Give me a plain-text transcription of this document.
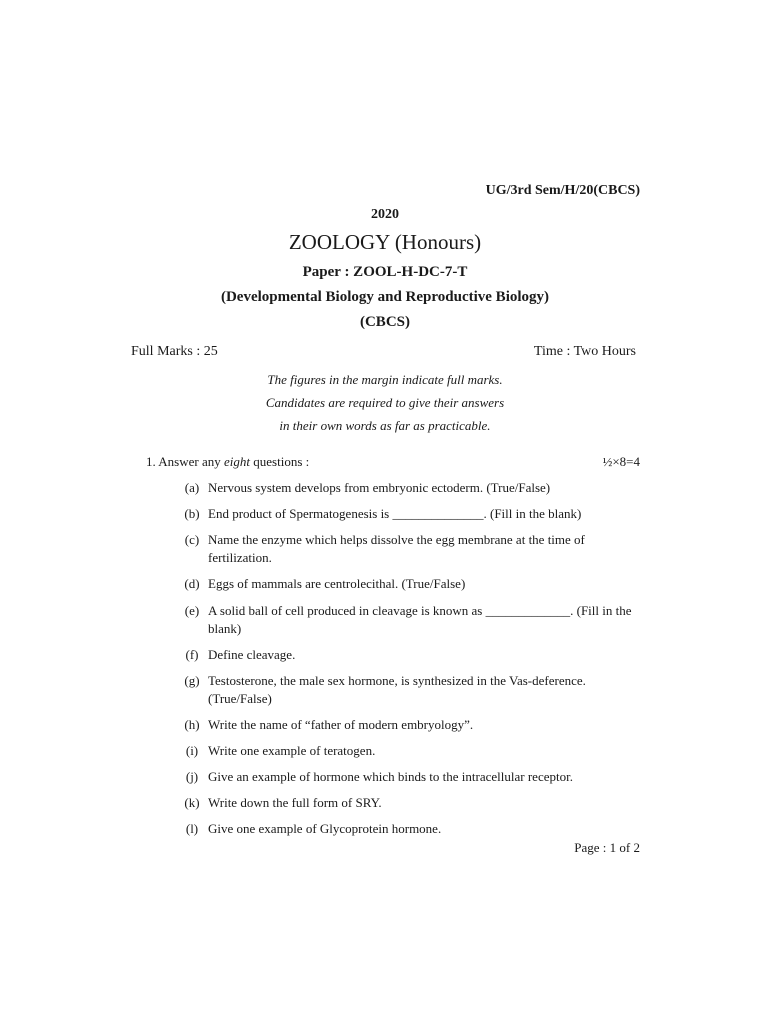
UG/3rd Sem/H/20(CBCS)
2020
ZOOLOGY (Honours)
Paper : ZOOL-H-DC-7-T
(Developmental Biology and Reproductive Biology)
(CBCS)
Full Marks : 25	Time : Two Hours
The figures in the margin indicate full marks.
Candidates are required to give their answers
in their own words as far as practicable.
1. Answer any eight questions :	½×8=4
(a) Nervous system develops from embryonic ectoderm. (True/False)
(b) End product of Spermatogenesis is ______________. (Fill in the blank)
(c) Name the enzyme which helps dissolve the egg membrane at the time of fertilization.
(d) Eggs of mammals are centrolecithal. (True/False)
(e) A solid ball of cell produced in cleavage is known as _____________. (Fill in the blank)
(f) Define cleavage.
(g) Testosterone, the male sex hormone, is synthesized in the Vas-deference. (True/False)
(h) Write the name of “father of modern embryology”.
(i) Write one example of teratogen.
(j) Give an example of hormone which binds to the intracellular receptor.
(k) Write down the full form of SRY.
(l) Give one example of Glycoprotein hormone.
Page : 1 of 2
